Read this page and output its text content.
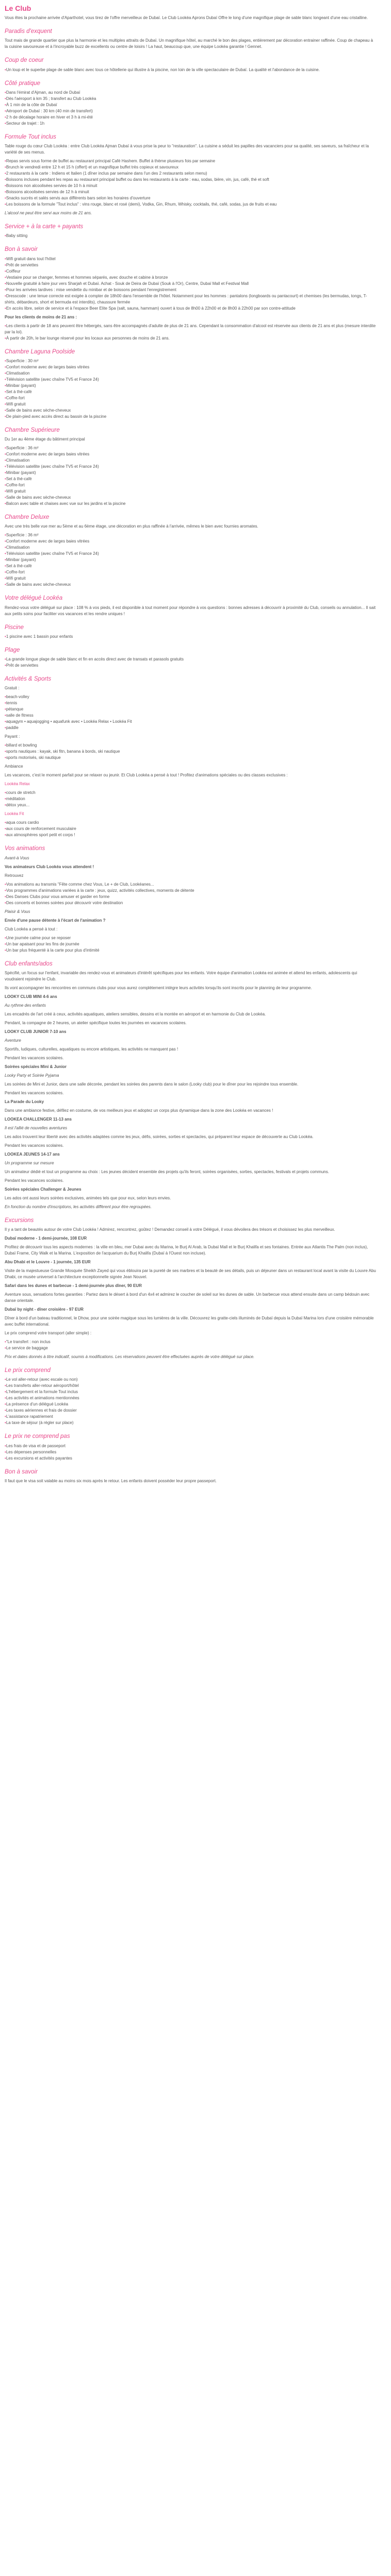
Le Club

Vous êtes la prochaine arrivée d'Aparthotel, vous tirez de l'offre merveilleux de Dubaï. Le Club Lookéa Aprons Dubaï Offre le long d'une magnifique plage de sable blanc longeant d'une eau cristalline.

Paradis d'exquent

Tout mais de grande quartier que plus la harmonie et les multiples attraits de Dubaï. Un magnifique hôtel, au marché le bon des plages, entièrement par décoration entrainer raffinée. Coup de chapeau à la cuisine savoureuse et à l'incroyable buzz de excellents ou centre de loisirs ! La haut, beaucoup que, une équipe Lookéa garantie ! Gennet.

Coup de coeur
• Un loup et le superbe plage de sable blanc avec tous ce hôtellerie qui illustre à la piscine, non loin de la ville spectaculaire de Dubaï. La qualité et l'abondance de la cuisine.
Côté pratique
• Dans l'émirat d'Ajman, au nord de Dubaï
• Dès l'aéroport à km 35 ; transfert au Club Lookéa
• À 1 min de la côte de Dubaï
• Aéroport de Dubaï : 30 km (40 min de transfert)
• 2 h de décalage horaire en hiver et 3 h à mi-été
• Secteur de trajet : 1h
Formule Tout inclus

Table rouge du cœur Club Lookéa : entre Club Lookéa Ajman Dubaï à vous prise la peur to "restauration". La cuisine a séduit les papilles des vacanciers pour sa qualité, ses saveurs, sa fraîcheur et la variété de ses menus.

• Repas servis sous forme de buffet au restaurant principal Café Hashem. Buffet à thème plusieurs fois par semaine
• Brunch le vendredi entre 12 h et 15 h (offert) et un magnifique buffet très copieux et savoureux
• 2 restaurants à la carte : Indiens et Italien (1 dîner inclus par semaine dans l'un des 2 restaurants selon menu)
• Boissons incluses pendant les repas au restaurant principal buffet ou dans les restaurants à la carte : eau, sodas, bière, vin, jus, café, thé et soft
• Boissons non alcoolisées servies de 10 h à minuit
• Boissons alcoolisées servies de 12 h à minuit
• Snacks sucrés et salés servis aux différents bars selon les horaires d'ouverture
• Les boissons de la formule "Tout inclus" : vins rouge, blanc et rosé (demi), Vodka, Gin, Rhum, Whisky, cocktails, thé, café, sodas, jus de fruits et eau

L'alcool ne peut être servi aux moins de 21 ans.

Service + à la carte + payants
• Baby sitting
Bon à savoir
• Wifi gratuit dans tout l'hôtel
• Prêt de serviettes
• Coiffeur
• Vestiaire pour se changer, femmes et hommes séparés, avec douche et cabine à bronze
• Nouvelle gratuité à faire jour vers Sharjah et Dubaï. Achat - Souk de Deira de Dubaï (Souk à l'Or), Centre, Dubaï Mall et Festival Mall
• Pour les arrivées tardives : mise vendette du minibar et de boissons pendant l'enregistrement
• Dresscode : une tenue correcte est exigée à compter de 18h00 dans l'ensemble de l'hôtel. Notamment pour les hommes : pantalons (longboards ou pantacourt) et chemises (les bermudas, tongs, T-shirts, débardeurs, short et bermuda est interdits), chaussure fermée
• En accès libre, selon de service et à l'espace Beer Elite Spa (salt, sauna, hammam) ouvert à tous de 8h00 à 22h00 et de 8h00 à 22h00 par son contre-attitude

Pour les clients de moins de 21 ans :

• Les clients à partir de 18 ans peuvent être hébergés, sans être accompagnés d'adulte de plus de 21 ans. Cependant la consommation d'alcool est réservée aux clients de 21 ans et plus (mesure interdite par la loi).
• À partir de 20h, le bar lounge réservé pour les locaux aux personnes de moins de 21 ans.
Chambre Laguna Poolside
• Superficie : 30 m²
• Confort moderne avec de larges baies vitrées
• Climatisation
• Télévision satellite (avec chaîne TV5 et France 24)
• Minibar (payant)
• Set à thé-café
• Coffre-fort
• Wifi gratuit
• Salle de bains avec sèche-cheveux
• De plain-pied avec accès direct au bassin de la piscine
Chambre Supérieure

Du 1er au 4ème étage du bâtiment principal

• Superficie : 36 m²
• Confort moderne avec de larges baies vitrées
• Climatisation
• Télévision satellite (avec chaîne TV5 et France 24)
• Minibar (payant)
• Set à thé-café
• Coffre-fort
• Wifi gratuit
• Salle de bains avec sèche-cheveux
• Balcon avec table et chaises avec vue sur les jardins et la piscine
Chambre Deluxe

Avec une très belle vue mer au 5ème et au 6ème étage, une décoration en plus raffinée à l'arrivée, mêmes le bien avec fournies aromates.

• Superficie : 36 m²
• Confort moderne avec de larges baies vitrées
• Climatisation
• Télévision satellite (avec chaîne TV5 et France 24)
• Minibar (payant)
• Set à thé-café
• Coffre-fort
• Wifi gratuit
• Salle de bains avec sèche-cheveux
Votre délégué Lookéa

Rendez-vous votre délégué sur place : 108 % à vos pieds, il est disponible à tout moment pour répondre à vos questions : bonnes adresses à découvrir à proximité du Club, conseils ou annulation... Il sait aux petits soins pour faciliter vos vacances et les rendre uniques !

Piscine
• 1 piscine avec 1 bassin pour enfants
Plage
• La grande longue plage de sable blanc et fin en accès direct avec de transats et parasols gratuits
• Prêt de serviettes
Activités & Sports

Gratuit :

• beach-volley
• tennis
• pétanque
• salle de fitness
• aquagym • aquajogging • aquafunk avec • Lookéa Relax • Lookéa Fit
• paddle

Payant :

• billard et bowling
• sports nautiques : kayak, ski fitn, banana à bords, ski nautique
• sports motorisés, ski nautique

Ambiance

Les vacances, c'est le moment parfait pour se relaxer ou jeunir. Et Club Lookéa a pensé à tout ! Profitez d'animations spéciales ou des classes exclusives :

Lookéa Relax

• cours de stretch
• méditation
• détox yeux...

Lookéa Fit

• aqua cours cardio
• aux cours de renforcement musculaire
• aux atmosphères sport petit et corps !
Vos animations

Avant-à Vous

Vos animateurs Club Lookéa vous attendent !

Retrouvez

• Vos animations au transmis "Fête comme chez Vous, Le + de Club, Lookéanes...
• Vos programmes d'animations variées à la carte : jeux, quizz, activités collectives, moments de détente
• Des Danses Clubs pour vous amuser et garder en forme
• Des concerts et bonnes soirées pour découvrir votre destination

Plaisir & Vous

Envie d'une pause détente à l'écart de l'animation ?

Club Lookéa a pensé à tout :

• Une journée calme pour se reposer
• Un bar apaisant pour les fins de journée
• Un bar plus fréquenté à la carte pour plus d'intimité
Club enfants/ados

Spécifié, un focus sur l'enfant, invariable des rendez-vous et animateurs d'intérêt spécifiques pour les enfants. Votre équipe d'animation Lookéa est animée et attend les enfants, adolescents qui voudraient rejoindre le Club.

Ils vont accompagner les rencontres en communs clubs pour vous aurez complètement intègre leurs activités lorsqu'ils sont inscrits pour le planning de leur programme.

LOOKY CLUB MINI 4-6 ans

Au rythme des enfants

Les encadrés de l'art créé à ceux, activités aquatiques, ateliers sensibles, dessins et la montée en aéroport et en harmonie du Club de Lookéa.

Pendant, la compagne de 2 heures, un atelier spécifique toutes les journées en vacances scolaires.

LOOKY CLUB JUNIOR 7-10 ans

Aventure

Sportifs, ludiques, culturelles, aquatiques ou encore artistiques, les activités ne manquent pas !

Pendant les vacances scolaires.

Soirées spéciales Mini & Junior

Looky Party et Soirée Pyjama

Les soirées de Mini et Junior, dans une salle décorée, pendant les soirées des parents dans le salon (Looky club) pour le dîner pour les rejoindre tous ensemble.

Pendant les vacances scolaires.

La Parade du Looky

Dans une ambiance festive, défilez en costume, de vos meilleurs jeux et adoptez un corps plus dynamique dans la zone des Lookéa en vacances !

LOOKEA CHALLENGER 11-13 ans

Il est l'allié de nouvelles aventures

Les ados trouvent leur liberté avec des activités adaptées comme les jeux, défis, soirées, sorties et spectacles, qui préparent leur espace de découverte au Club Lookéa.

Pendant les vacances scolaires.

LOOKEA JEUNES 14-17 ans

Un programme sur mesure

Un animateur dédié et tout un programme au choix : Les jeunes décident ensemble des projets qu'ils feront, soirées organisées, sorties, spectacles, festivals et projets communs.

Pendant les vacances scolaires.

Soirées spéciales Challenger & Jeunes

Les ados ont aussi leurs soirées exclusives, animées tels que pour eux, selon leurs envies.

En fonction du nombre d'inscriptions, les activités diffèrent pour être regroupées.

Excursions

Il y a tant de beautés autour de votre Club Lookéa ! Admirez, rencontrez, goûtez ! Demandez conseil à votre Délégué, il vous dévoilera des trésors et choisissez les plus merveilleux.

Dubaï moderne - 1 demi-journée, 108 EUR

Profitez de découvrir tous les aspects modernes : la ville en bleu, mer Dubai avec du Marina, le Burj Al Arab, la Dubaï Mall et le Burj Khalifa et ses fontaines. Entrée aux Atlantis The Palm (non inclus), Dubaï Frame, City Walk et la Marina. L'exposition de l'acquarium du Burj Khalifa (Dubaï à l'Ouest non incluse).

Abu Dhabi et le Louvre - 1 journée, 135 EUR

Visite de la majestueuse Grande Mosquée Sheikh Zayed qui vous éblouira par la pureté de ses marbres et la beauté de ses détails, puis un déjeuner dans un restaurant local avant la visite du Louvre Abu Dhabi, ce musée universel à l'architecture exceptionnelle signée Jean Nouvel.

Safari dans les dunes et barbecue - 1 demi-journée plus dîner, 90 EUR

Aventure sous, sensations fortes garanties : Partez dans le désert à bord d'un 4x4 et admirez le coucher de soleil sur les dunes de sable. Un barbecue vous attend ensuite dans un camp bédouin avec danse orientale.

Dubaï by night - dîner croisière - 97 EUR

Dîner à bord d'un bateau traditionnel, le Dhow, pour une soirée magique sous les lumières de la ville. Découvrez les gratte-ciels illuminés de Dubaï depuis la Dubaï Marina lors d'une croisière mémorable avec buffet international.

Le prix comprend votre transport (aller simple) :

• "Le transfert : non inclus
• Le service de baggage

Prix et dates donnés à titre indicatif, soumis à modifications. Les réservations peuvent être effectuées auprès de votre délégué sur place.

Le prix comprend
• Le vol aller-retour (avec escale ou non)
• Les transferts aller-retour aéroport/hôtel
• L'hébergement et la formule Tout inclus
• Les activités et animations mentionnées
• La présence d'un délégué Lookéa
• Les taxes aériennes et frais de dossier
• L'assistance rapatriement
• La taxe de séjour (à régler sur place)
Le prix ne comprend pas
• Les frais de visa et de passeport
• Les dépenses personnelles
• Les excursions et activités payantes
Bon à savoir

Il faut que le visa soit valable au moins six mois après le retour. Les enfants doivent posséder leur propre passeport.
